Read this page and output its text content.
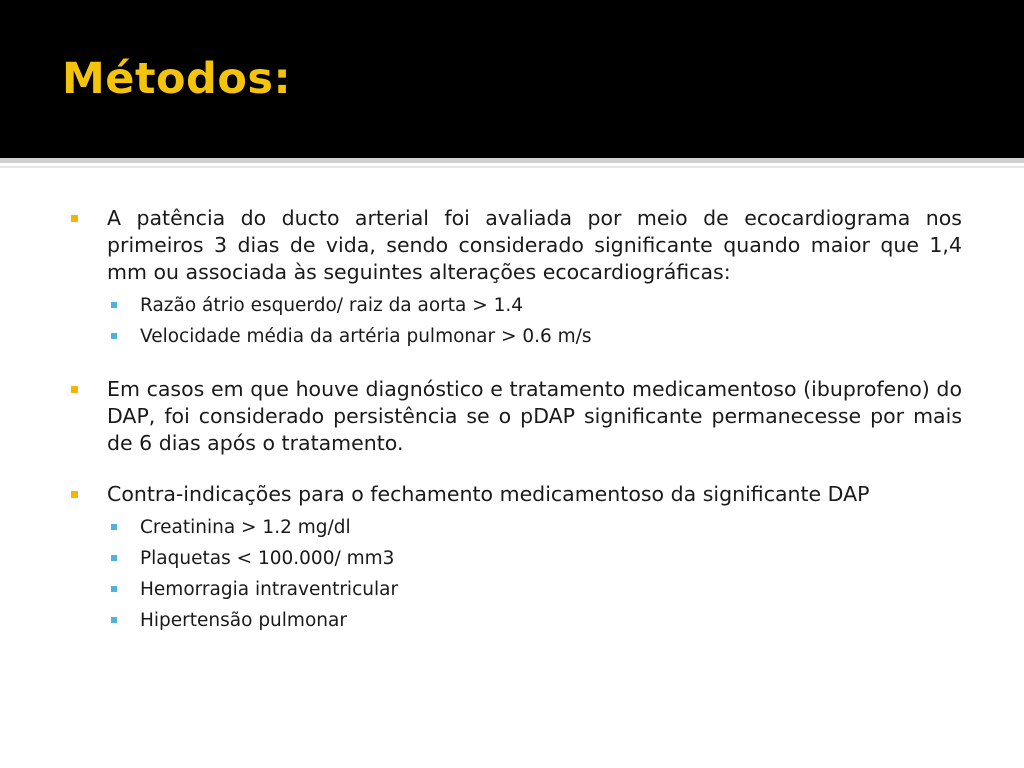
Métodos:
A patência do ducto arterial foi avaliada por meio de ecocardiograma nos primeiros 3 dias de vida, sendo considerado significante quando maior que 1,4 mm ou associada às seguintes alterações ecocardiográficas:
Razão átrio esquerdo/ raiz da aorta > 1.4
Velocidade média da artéria pulmonar > 0.6 m/s
Em casos em que houve diagnóstico e tratamento medicamentoso (ibuprofeno) do DAP, foi considerado persistência se o pDAP significante permanecesse por mais de 6 dias após o tratamento.
Contra-indicações para o fechamento medicamentoso da significante DAP
Creatinina > 1.2 mg/dl
Plaquetas < 100.000/ mm3
Hemorragia intraventricular
Hipertensão pulmonar
